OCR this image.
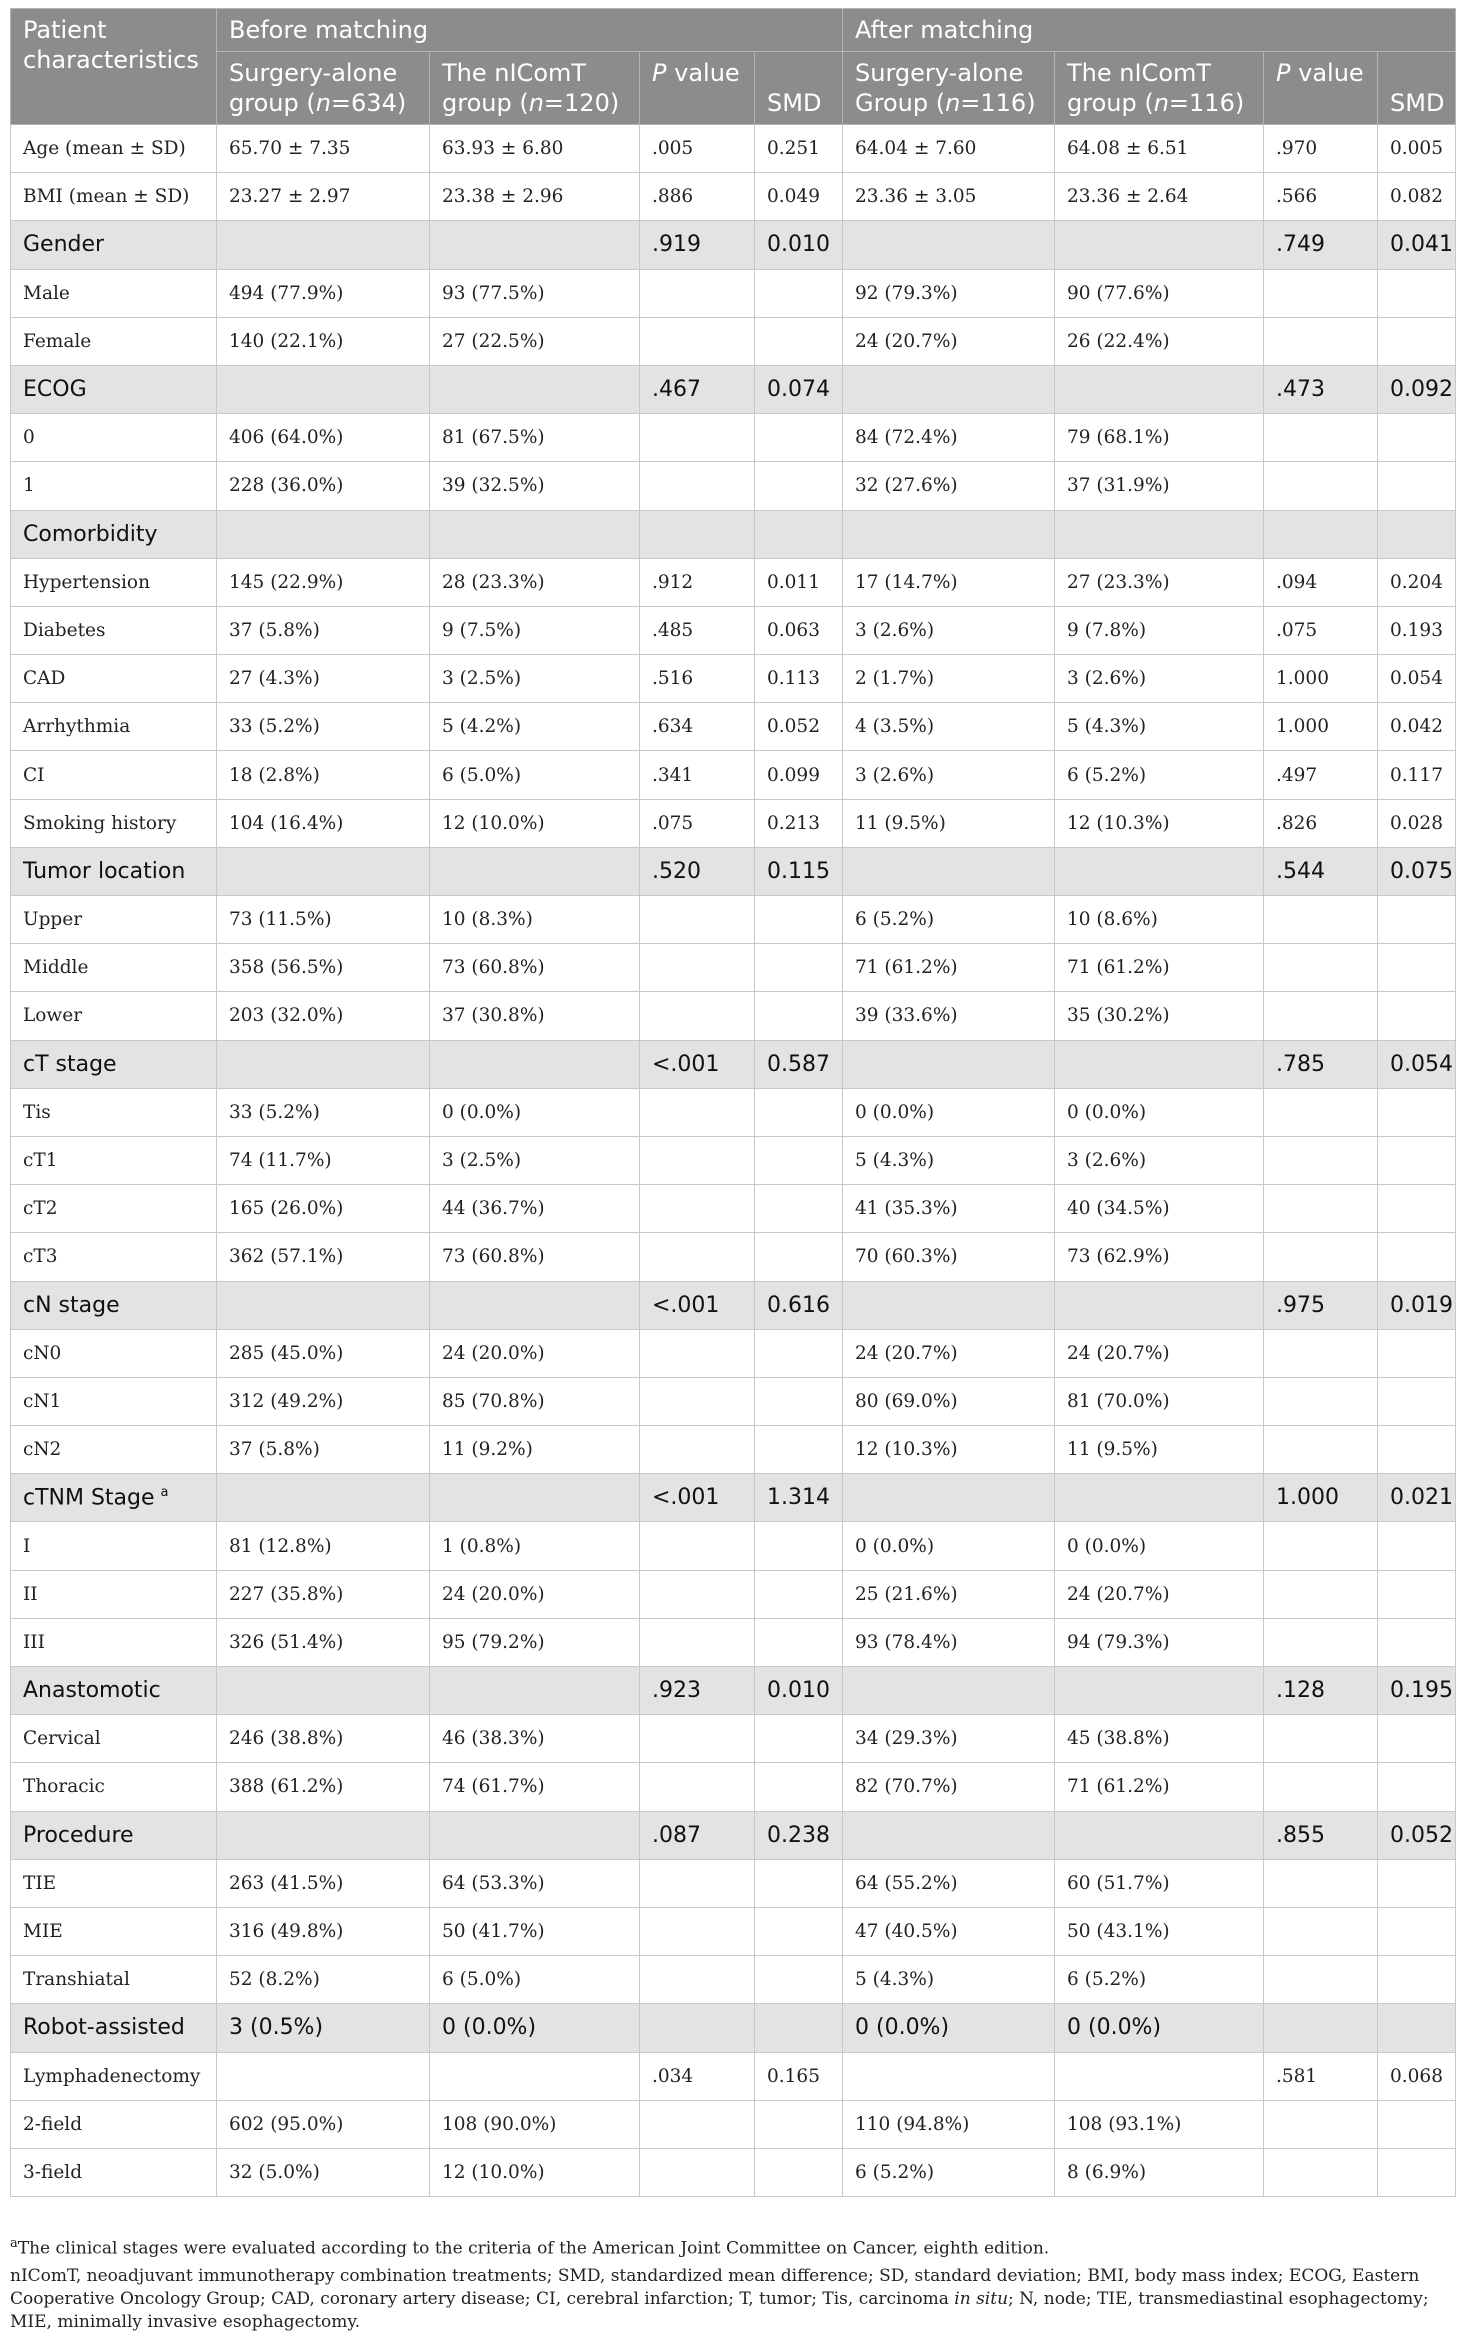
Patient characteristics	Before matching				After matching			
	Surgery-alone group (n=634)	The nIComT group (n=120)	P value	SMD	Surgery-alone Group (n=116)	The nIComT group (n=116)	P value	SMD
Age (mean ± SD)	65.70 ± 7.35	63.93 ± 6.80	.005	0.251	64.04 ± 7.60	64.08 ± 6.51	.970	0.005
BMI (mean ± SD)	23.27 ± 2.97	23.38 ± 2.96	.886	0.049	23.36 ± 3.05	23.36 ± 2.64	.566	0.082
Gender			.919	0.010			.749	0.041
Male	494 (77.9%)	93 (77.5%)			92 (79.3%)	90 (77.6%)		
Female	140 (22.1%)	27 (22.5%)			24 (20.7%)	26 (22.4%)		
ECOG			.467	0.074			.473	0.092
0	406 (64.0%)	81 (67.5%)			84 (72.4%)	79 (68.1%)		
1	228 (36.0%)	39 (32.5%)			32 (27.6%)	37 (31.9%)		
Comorbidity								
Hypertension	145 (22.9%)	28 (23.3%)	.912	0.011	17 (14.7%)	27 (23.3%)	.094	0.204
Diabetes	37 (5.8%)	9 (7.5%)	.485	0.063	3 (2.6%)	9 (7.8%)	.075	0.193
CAD	27 (4.3%)	3 (2.5%)	.516	0.113	2 (1.7%)	3 (2.6%)	1.000	0.054
Arrhythmia	33 (5.2%)	5 (4.2%)	.634	0.052	4 (3.5%)	5 (4.3%)	1.000	0.042
CI	18 (2.8%)	6 (5.0%)	.341	0.099	3 (2.6%)	6 (5.2%)	.497	0.117
Smoking history	104 (16.4%)	12 (10.0%)	.075	0.213	11 (9.5%)	12 (10.3%)	.826	0.028
Tumor location			.520	0.115			.544	0.075
Upper	73 (11.5%)	10 (8.3%)			6 (5.2%)	10 (8.6%)		
Middle	358 (56.5%)	73 (60.8%)			71 (61.2%)	71 (61.2%)		
Lower	203 (32.0%)	37 (30.8%)			39 (33.6%)	35 (30.2%)		
cT stage			<.001	0.587			.785	0.054
Tis	33 (5.2%)	0 (0.0%)			0 (0.0%)	0 (0.0%)		
cT1	74 (11.7%)	3 (2.5%)			5 (4.3%)	3 (2.6%)		
cT2	165 (26.0%)	44 (36.7%)			41 (35.3%)	40 (34.5%)		
cT3	362 (57.1%)	73 (60.8%)			70 (60.3%)	73 (62.9%)		
cN stage			<.001	0.616			.975	0.019
cN0	285 (45.0%)	24 (20.0%)			24 (20.7%)	24 (20.7%)		
cN1	312 (49.2%)	85 (70.8%)			80 (69.0%)	81 (70.0%)		
cN2	37 (5.8%)	11 (9.2%)			12 (10.3%)	11 (9.5%)		
cTNM Stage $^a$			<.001	1.314			1.000	0.021
I	81 (12.8%)	1 (0.8%)			0 (0.0%)	0 (0.0%)		
II	227 (35.8%)	24 (20.0%)			25 (21.6%)	24 (20.7%)		
III	326 (51.4%)	95 (79.2%)			93 (78.4%)	94 (79.3%)		
Anastomotic			.923	0.010			.128	0.195
Cervical	246 (38.8%)	46 (38.3%)			34 (29.3%)	45 (38.8%)		
Thoracic	388 (61.2%)	74 (61.7%)			82 (70.7%)	71 (61.2%)		
Procedure			.087	0.238			.855	0.052
TIE	263 (41.5%)	64 (53.3%)			64 (55.2%)	60 (51.7%)		
MIE	316 (49.8%)	50 (41.7%)			47 (40.5%)	50 (43.1%)		
Transhiatal	52 (8.2%)	6 (5.0%)			5 (4.3%)	6 (5.2%)		
Robot-assisted	3 (0.5%)	0 (0.0%)			0 (0.0%)	0 (0.0%)		
Lymphadenectomy			.034	0.165			.581	0.068
2-field	602 (95.0%)	108 (90.0%)			110 (94.8%)	108 (93.1%)		
3-field	32 (5.0%)	12 (10.0%)			6 (5.2%)	8 (6.9%)		

$^a$The clinical stages were evaluated according to the criteria of the American Joint Committee on Cancer, eighth edition.

nIComT, neoadjuvant immunotherapy combination treatments; SMD, standardized mean difference; SD, standard deviation; BMI, body mass index; ECOG, Eastern Cooperative Oncology Group; CAD, coronary artery disease; CI, cerebral infarction; T, tumor; Tis, carcinoma in situ; N, node; TIE, transmediastinal esophagectomy; MIE, minimally invasive esophagectomy.
